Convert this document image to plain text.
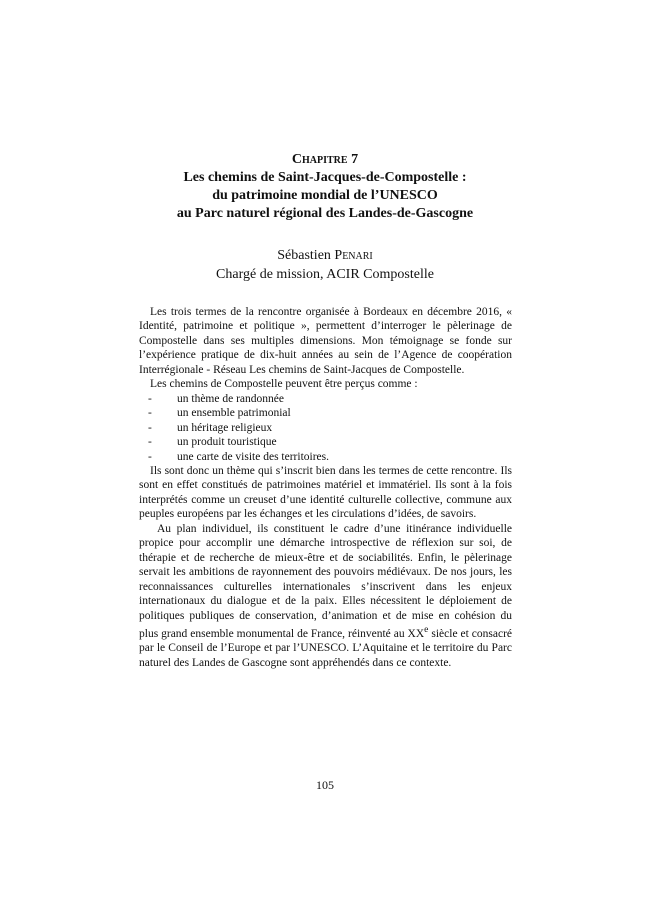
Chapitre 7
Les chemins de Saint-Jacques-de-Compostelle :
du patrimoine mondial de l’UNESCO
au Parc naturel régional des Landes-de-Gascogne
Sébastien Penari
Chargé de mission, ACIR Compostelle

Les trois termes de la rencontre organisée à Bordeaux en décembre 2016, « Identité, patrimoine et politique », permettent d’interroger le pèlerinage de Compostelle dans ses multiples dimensions. Mon témoignage se fonde sur l’expérience pratique de dix-huit années au sein de l’Agence de coopération Interrégionale - Réseau Les chemins de Saint-Jacques de Compostelle.

Les chemins de Compostelle peuvent être perçus comme :

- un thème de randonnée
- un ensemble patrimonial
- un héritage religieux
- un produit touristique
- une carte de visite des territoires.

Ils sont donc un thème qui s’inscrit bien dans les termes de cette rencontre. Ils sont en effet constitués de patrimoines matériel et immatériel. Ils sont à la fois interprétés comme un creuset d’une identité culturelle collective, commune aux peuples européens par les échanges et les circulations d’idées, de savoirs.

Au plan individuel, ils constituent le cadre d’une itinérance individuelle propice pour accomplir une démarche introspective de réflexion sur soi, de thérapie et de recherche de mieux-être et de sociabilités. Enfin, le pèlerinage servait les ambitions de rayonnement des pouvoirs médiévaux. De nos jours, les reconnaissances culturelles internationales s’inscrivent dans les enjeux internationaux du dialogue et de la paix. Elles nécessitent le déploiement de politiques publiques de conservation, d’animation et de mise en cohésion du plus grand ensemble monumental de France, réinventé au XXe siècle et consacré par le Conseil de l’Europe et par l’UNESCO. L’Aquitaine et le territoire du Parc naturel des Landes de Gascogne sont appréhendés dans ce contexte.

105
